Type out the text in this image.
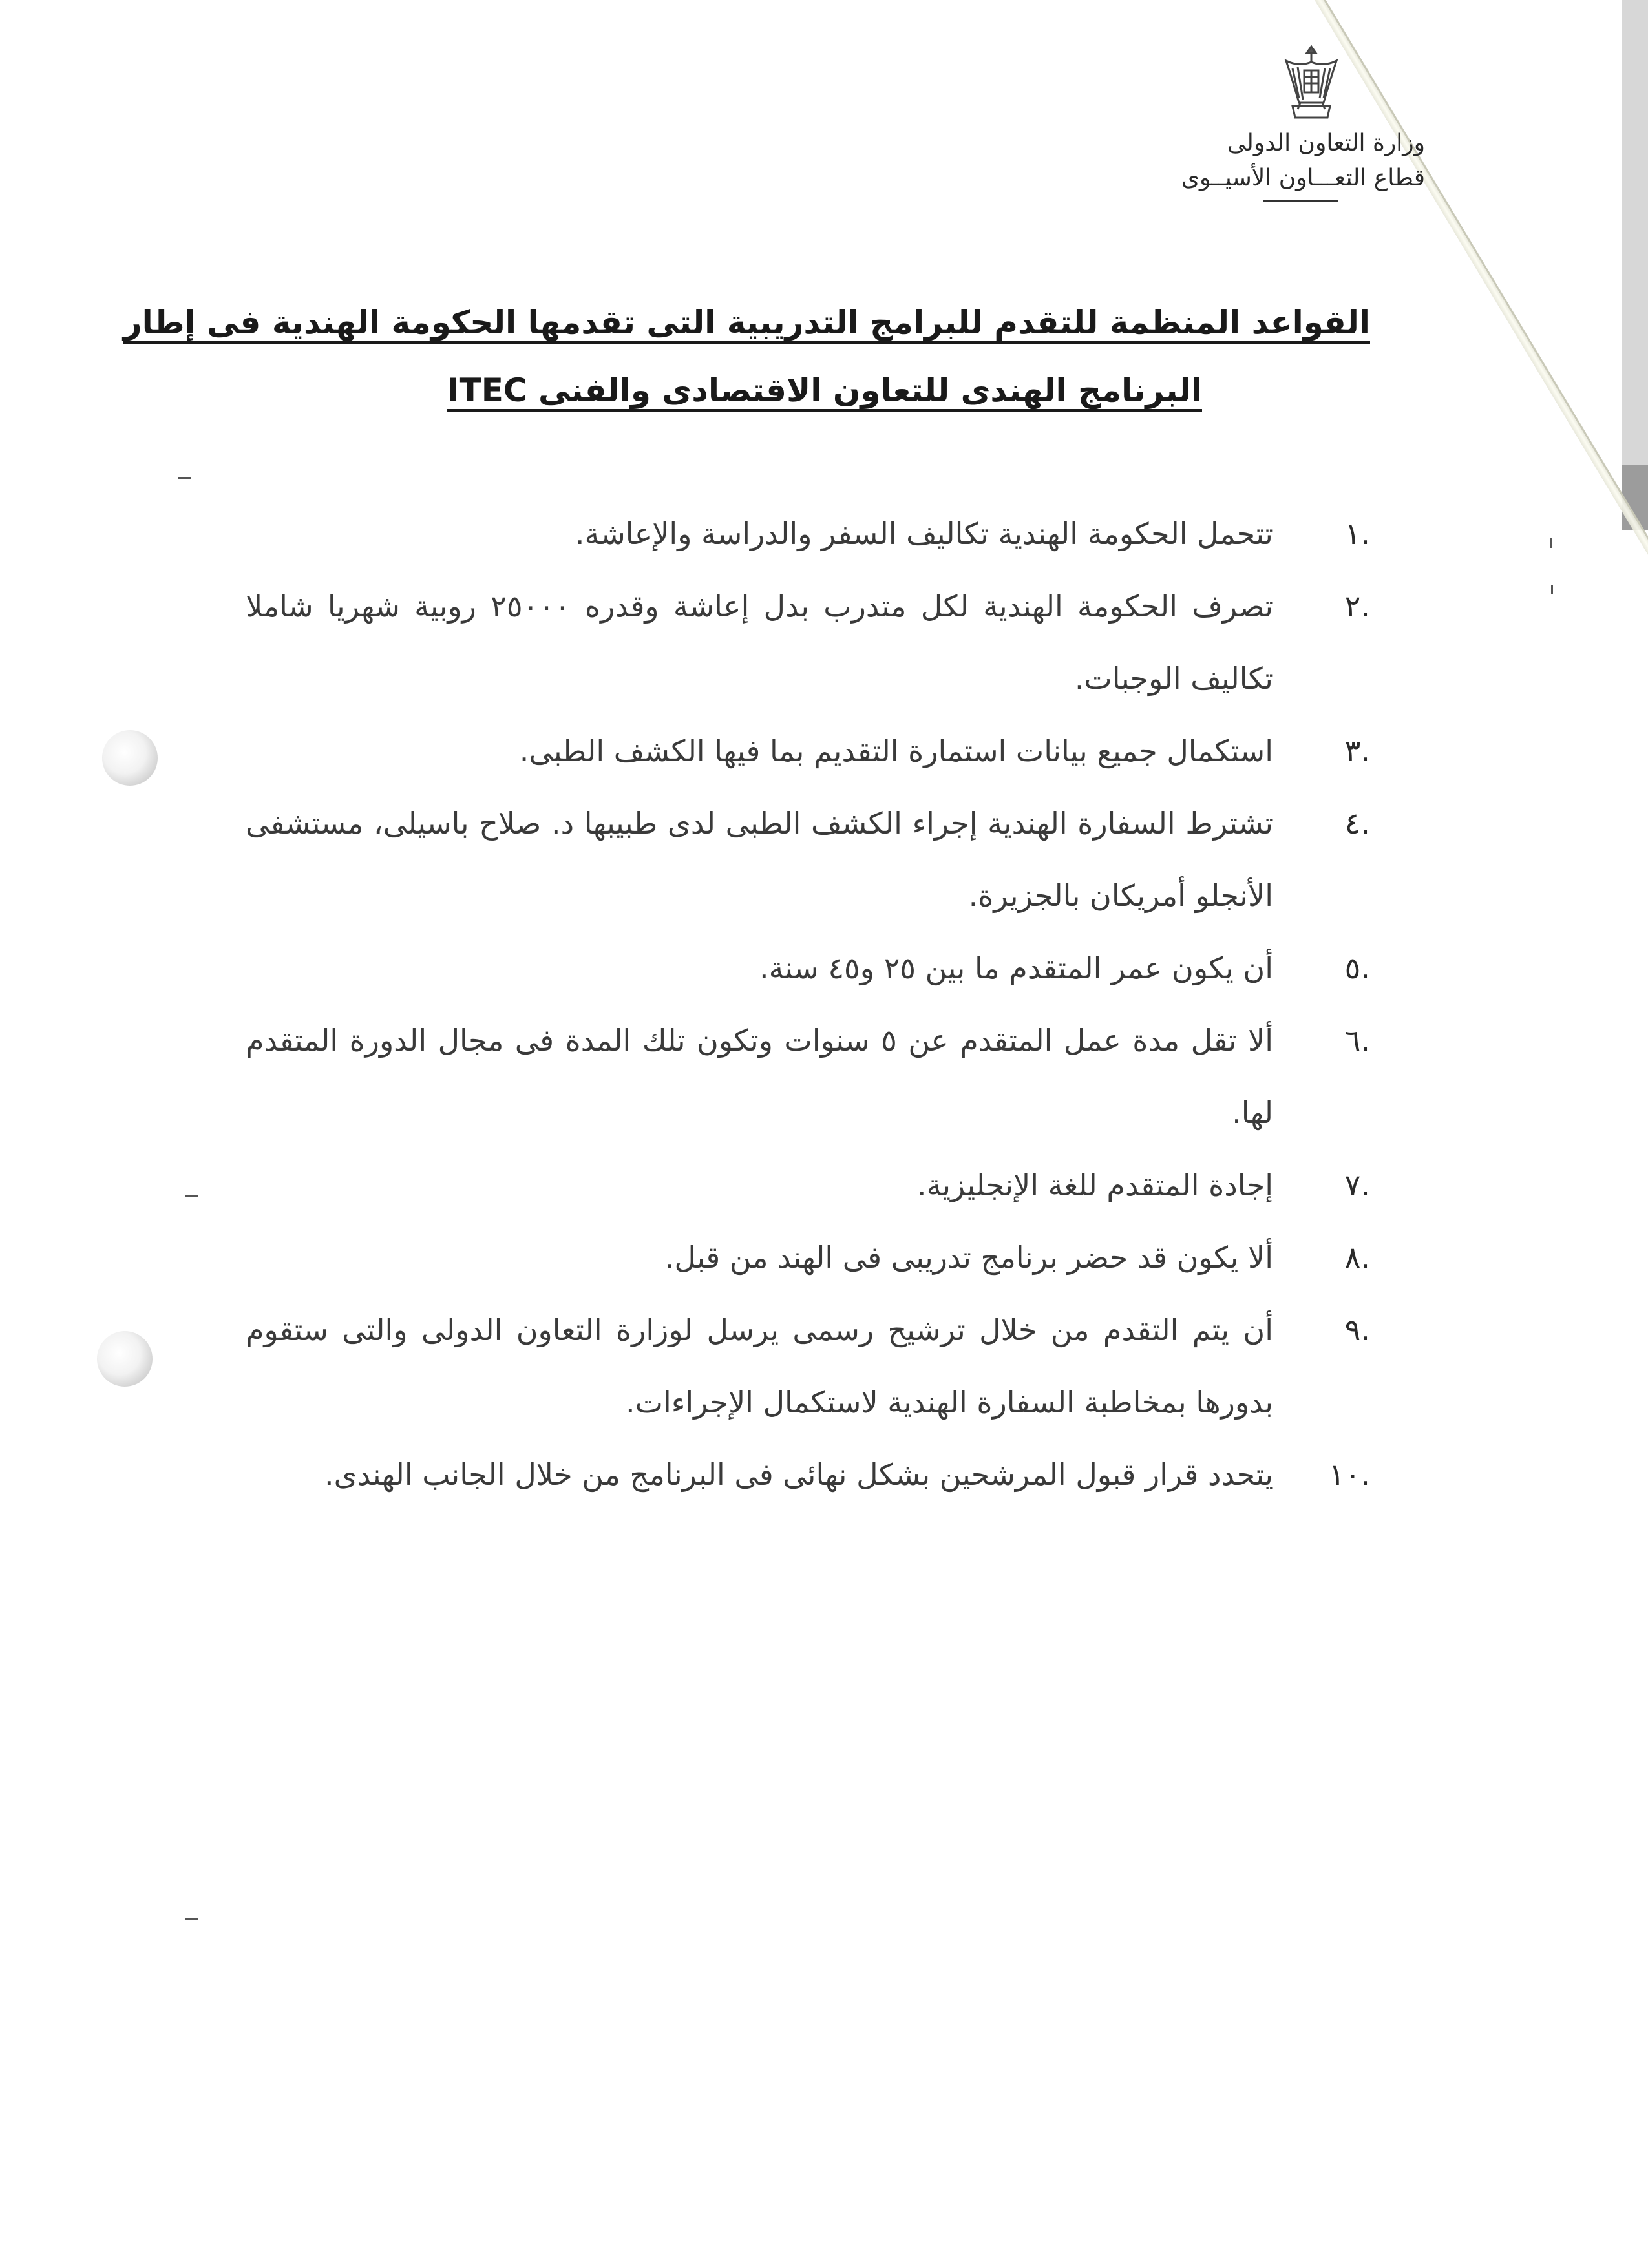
وزارة التعاون الدولى
قطاع التعـــاون الأسيــوى
القواعد المنظمة للتقدم للبرامج التدريبية التى تقدمها الحكومة الهندية فى إطار
البرنامج الهندى للتعاون الاقتصادى والفنى ITEC
.١
تتحمل الحكومة الهندية تكاليف السفر والدراسة والإعاشة.
.٢
تصرف الحكومة الهندية لكل متدرب بدل إعاشة وقدره ٢٥٠٠٠ روبية شهريا شاملا تكاليف الوجبات.
.٣
استكمال جميع بيانات استمارة التقديم بما فيها الكشف الطبى.
.٤
تشترط السفارة الهندية إجراء الكشف الطبى لدى طبيبها د. صلاح باسيلى، مستشفى الأنجلو أمريكان بالجزيرة.
.٥
أن يكون عمر المتقدم ما بين ٢٥ و٤٥ سنة.
.٦
ألا تقل مدة عمل المتقدم عن ٥ سنوات وتكون تلك المدة فى مجال الدورة المتقدم لها.
.٧
إجادة المتقدم للغة الإنجليزية.
.٨
ألا يكون قد حضر برنامج تدريبى فى الهند من قبل.
.٩
أن يتم التقدم من خلال ترشيح رسمى يرسل لوزارة التعاون الدولى والتى ستقوم بدورها بمخاطبة السفارة الهندية لاستكمال الإجراءات.
.١٠
يتحدد قرار قبول المرشحين بشكل نهائى فى البرنامج من خلال الجانب الهندى.
